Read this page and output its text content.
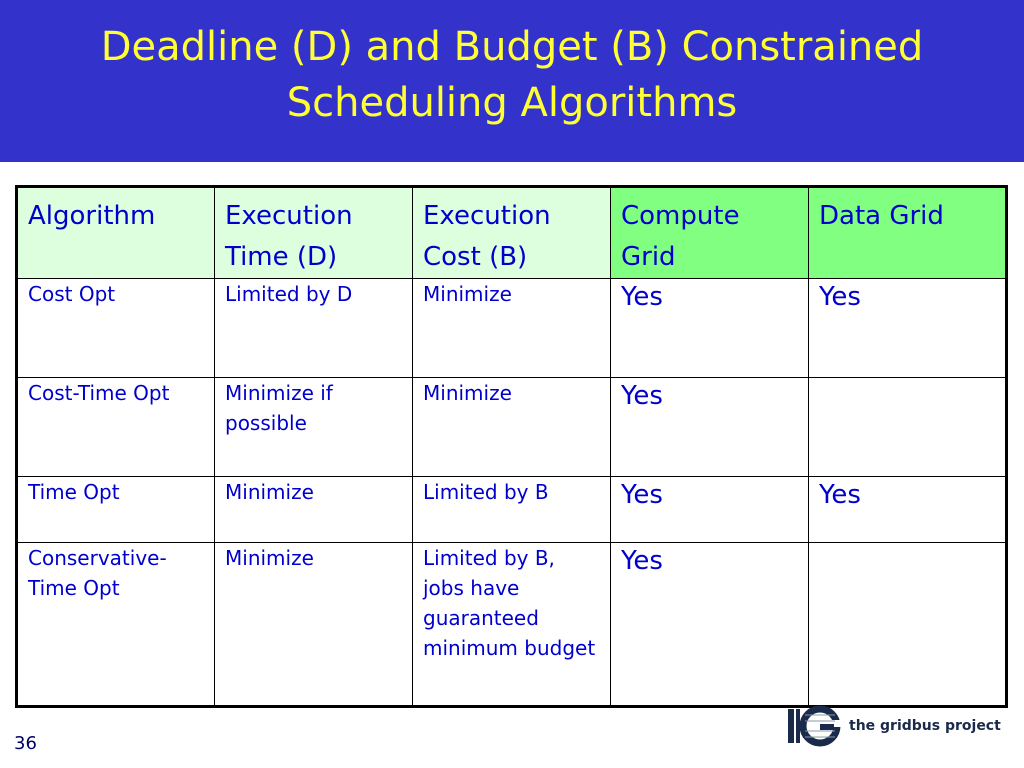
Deadline (D) and Budget (B) Constrained
Scheduling Algorithms
Algorithm	Execution Time (D)	Execution Cost (B)	Compute Grid	Data Grid
Cost Opt	Limited by D	Minimize	Yes	Yes
Cost-Time Opt	Minimize if possible	Minimize	Yes	
Time Opt	Minimize	Limited by B	Yes	Yes
Conservative-Time Opt	Minimize	Limited by B, jobs have guaranteed minimum budget	Yes	
36
the gridbus project
